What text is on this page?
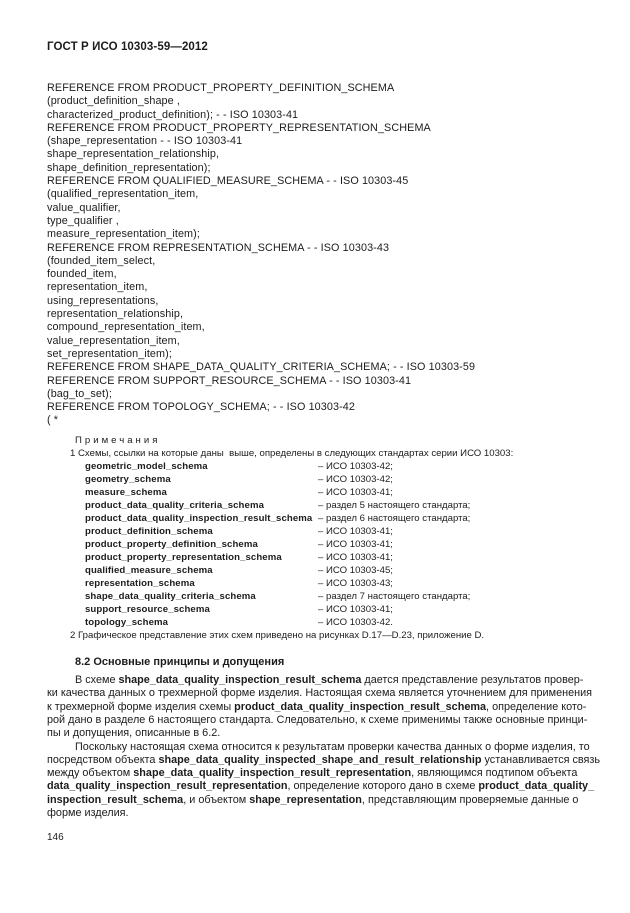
ГОСТ Р ИСО 10303-59—2012
REFERENCE FROM PRODUCT_PROPERTY_DEFINITION_SCHEMA
(product_definition_shape ,
characterized_product_definition); - - ISO 10303-41
REFERENCE FROM PRODUCT_PROPERTY_REPRESENTATION_SCHEMA
(shape_representation - - ISO 10303-41
shape_representation_relationship,
shape_definition_representation);
REFERENCE FROM QUALIFIED_MEASURE_SCHEMA - - ISO 10303-45
(qualified_representation_item,
value_qualifier,
type_qualifier ,
measure_representation_item);
REFERENCE FROM REPRESENTATION_SCHEMA - - ISO 10303-43
(founded_item_select,
founded_item,
representation_item,
using_representations,
representation_relationship,
compound_representation_item,
value_representation_item,
set_representation_item);
REFERENCE FROM SHAPE_DATA_QUALITY_CRITERIA_SCHEMA; - - ISO 10303-59
REFERENCE FROM SUPPORT_RESOURCE_SCHEMA - - ISO 10303-41
(bag_to_set);
REFERENCE FROM TOPOLOGY_SCHEMA; - - ISO 10303-42
( *
Примечания
1 Схемы, ссылки на которые даны  выше, определены в следующих стандартах серии ИСО 10303:
geometric_model_schema	– ИСО 10303-42;
geometry_schema	– ИСО 10303-42;
measure_schema	– ИСО 10303-41;
product_data_quality_criteria_schema	– раздел 5 настоящего стандарта;
product_data_quality_inspection_result_schema – раздел 6 настоящего стандарта;
product_definition_schema	– ИСО 10303-41;
product_property_definition_schema	– ИСО 10303-41;
product_property_representation_schema	– ИСО 10303-41;
qualified_measure_schema	– ИСО 10303-45;
representation_schema	– ИСО 10303-43;
shape_data_quality_criteria_schema	– раздел 7 настоящего стандарта;
support_resource_schema	– ИСО 10303-41;
topology_schema	– ИСО 10303-42.
2 Графическое представление этих схем приведено на рисунках D.17—D.23, приложение D.
8.2 Основные принципы и допущения
В схеме shape_data_quality_inspection_result_schema дается представление результатов провер-
ки качества данных о трехмерной форме изделия. Настоящая схема является уточнением для применения
к трехмерной форме изделия схемы product_data_quality_inspection_result_schema, определение кото-
рой дано в разделе 6 настоящего стандарта. Следовательно, к схеме применимы также основные принци-
пы и допущения, описанные в 6.2.
Поскольку настоящая схема относится к результатам проверки качества данных о форме изделия, то
посредством объекта shape_data_quality_inspected_shape_and_result_relationship устанавливается связь
между объектом shape_data_quality_inspection_result_representation, являющимся подтипом объекта
data_quality_inspection_result_representation, определение которого дано в схеме product_data_quality_
inspection_result_schema, и объектом shape_representation, представляющим проверяемые данные о
форме изделия.
146
